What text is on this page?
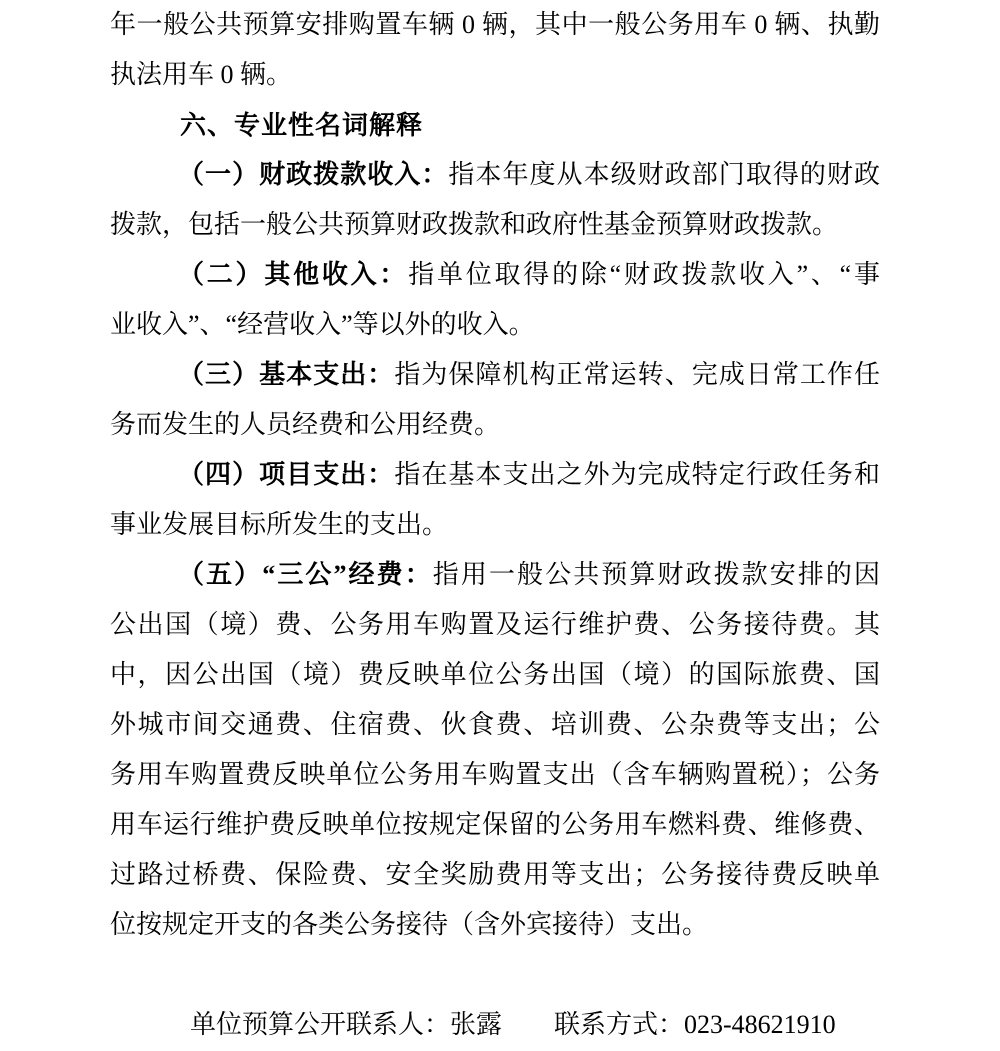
年一般公共预算安排购置车辆 0 辆，其中一般公务用车 0 辆、执勤
执法用车 0 辆。
六、专业性名词解释
（一）财政拨款收入：指本年度从本级财政部门取得的财政
拨款，包括一般公共预算财政拨款和政府性基金预算财政拨款。
（二）其他收入：指单位取得的除“财政拨款收入”、“事
业收入”、“经营收入”等以外的收入。
（三）基本支出：指为保障机构正常运转、完成日常工作任
务而发生的人员经费和公用经费。
（四）项目支出：指在基本支出之外为完成特定行政任务和
事业发展目标所发生的支出。
（五）“三公”经费：指用一般公共预算财政拨款安排的因
公出国（境）费、公务用车购置及运行维护费、公务接待费。其
中，因公出国（境）费反映单位公务出国（境）的国际旅费、国
外城市间交通费、住宿费、伙食费、培训费、公杂费等支出；公
务用车购置费反映单位公务用车购置支出（含车辆购置税）；公务
用车运行维护费反映单位按规定保留的公务用车燃料费、维修费、
过路过桥费、保险费、安全奖励费用等支出；公务接待费反映单
位按规定开支的各类公务接待（含外宾接待）支出。
单位预算公开联系人：张露 联系方式：023-48621910
